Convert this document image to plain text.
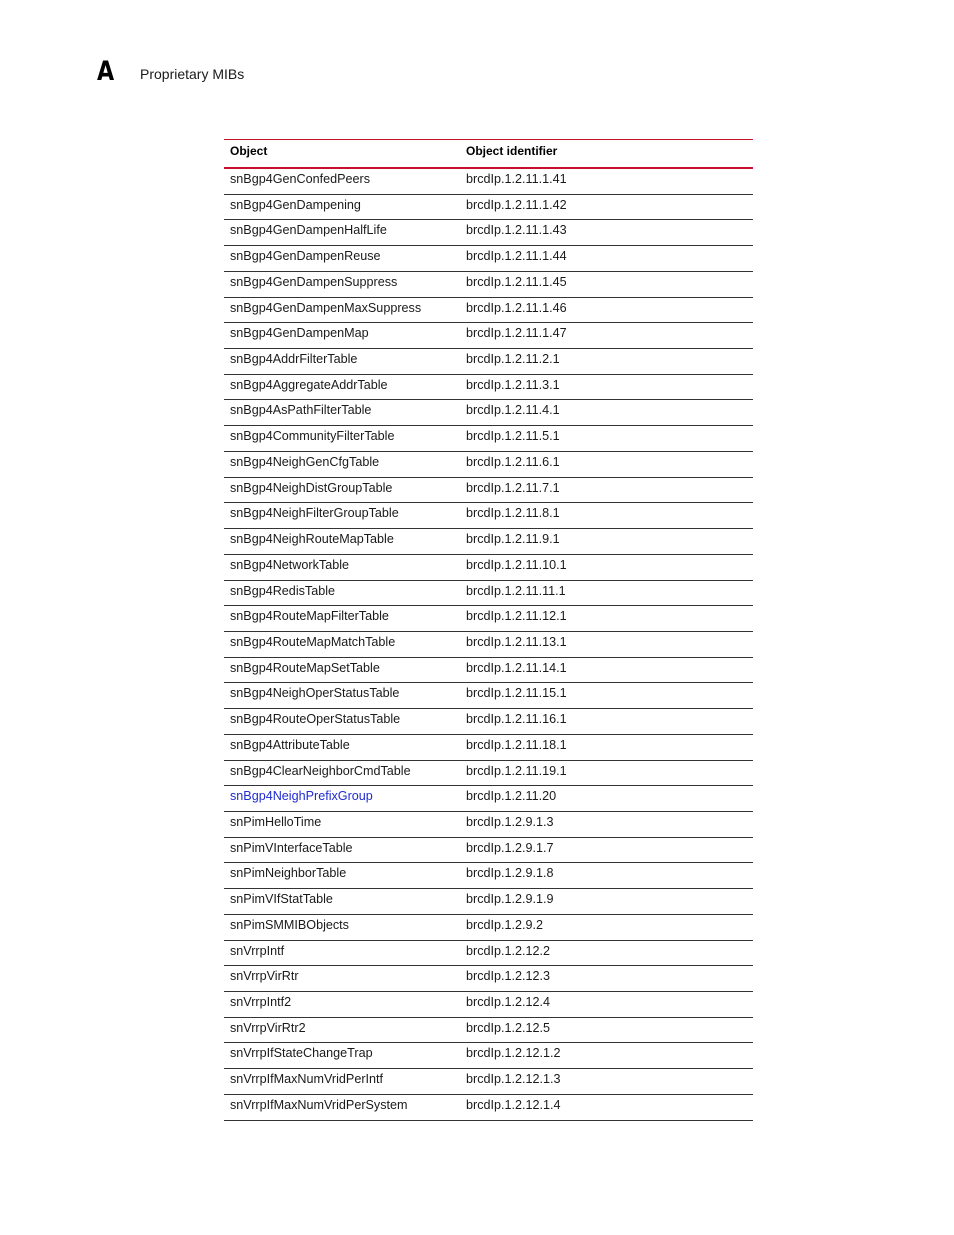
A Proprietary MIBs
Object	Object identifier
snBgp4GenConfedPeers	brcdIp.1.2.11.1.41
snBgp4GenDampening	brcdIp.1.2.11.1.42
snBgp4GenDampenHalfLife	brcdIp.1.2.11.1.43
snBgp4GenDampenReuse	brcdIp.1.2.11.1.44
snBgp4GenDampenSuppress	brcdIp.1.2.11.1.45
snBgp4GenDampenMaxSuppress	brcdIp.1.2.11.1.46
snBgp4GenDampenMap	brcdIp.1.2.11.1.47
snBgp4AddrFilterTable	brcdIp.1.2.11.2.1
snBgp4AggregateAddrTable	brcdIp.1.2.11.3.1
snBgp4AsPathFilterTable	brcdIp.1.2.11.4.1
snBgp4CommunityFilterTable	brcdIp.1.2.11.5.1
snBgp4NeighGenCfgTable	brcdIp.1.2.11.6.1
snBgp4NeighDistGroupTable	brcdIp.1.2.11.7.1
snBgp4NeighFilterGroupTable	brcdIp.1.2.11.8.1
snBgp4NeighRouteMapTable	brcdIp.1.2.11.9.1
snBgp4NetworkTable	brcdIp.1.2.11.10.1
snBgp4RedisTable	brcdIp.1.2.11.11.1
snBgp4RouteMapFilterTable	brcdIp.1.2.11.12.1
snBgp4RouteMapMatchTable	brcdIp.1.2.11.13.1
snBgp4RouteMapSetTable	brcdIp.1.2.11.14.1
snBgp4NeighOperStatusTable	brcdIp.1.2.11.15.1
snBgp4RouteOperStatusTable	brcdIp.1.2.11.16.1
snBgp4AttributeTable	brcdIp.1.2.11.18.1
snBgp4ClearNeighborCmdTable	brcdIp.1.2.11.19.1
snBgp4NeighPrefixGroup	brcdIp.1.2.11.20
snPimHelloTime	brcdIp.1.2.9.1.3
snPimVInterfaceTable	brcdIp.1.2.9.1.7
snPimNeighborTable	brcdIp.1.2.9.1.8
snPimVIfStatTable	brcdIp.1.2.9.1.9
snPimSMMIBObjects	brcdIp.1.2.9.2
snVrrpIntf	brcdIp.1.2.12.2
snVrrpVirRtr	brcdIp.1.2.12.3
snVrrpIntf2	brcdIp.1.2.12.4
snVrrpVirRtr2	brcdIp.1.2.12.5
snVrrpIfStateChangeTrap	brcdIp.1.2.12.1.2
snVrrpIfMaxNumVridPerIntf	brcdIp.1.2.12.1.3
snVrrpIfMaxNumVridPerSystem	brcdIp.1.2.12.1.4
